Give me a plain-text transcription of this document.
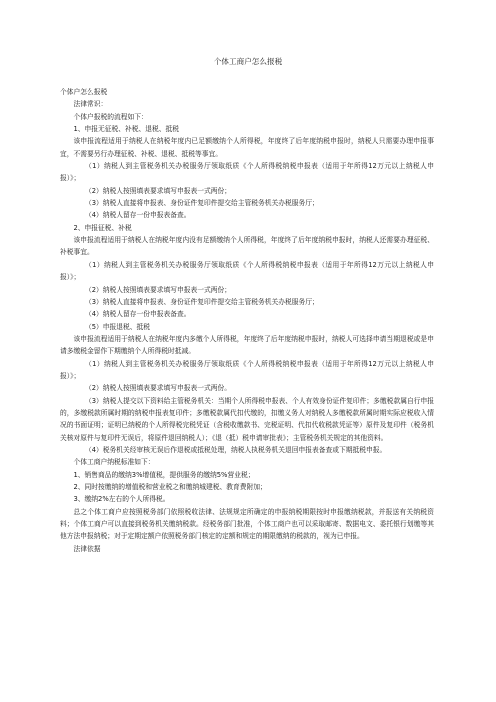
个体工商户怎么报税

个体户怎么报税

法律常识：

个体户报税的流程如下：

1、申报无征税、补税、退税、抵税

该申报流程适用于纳税人在纳税年度内已足额缴纳个人所得税，年度终了后年度纳税申报时，纳税人只需要办理申报事宜，不需要另行办理征税、补税、退税、抵税等事宜。

（1）纳税人到主管税务机关办税服务厅领取纸质《个人所得税纳税申报表（适用于年所得12万元以上纳税人申报）》；

（2）纳税人按照填表要求填写申报表一式两份；

（3）纳税人直接将申报表、身份证件复印件提交给主管税务机关办税服务厅；

（4）纳税人留存一份申报表备查。

2、申报征税、补税

该申报流程适用于纳税人在纳税年度内没有足额缴纳个人所得税，年度终了后年度纳税申报时，纳税人还需要办理征税、补税事宜。

（1）纳税人到主管税务机关办税服务厅领取纸质《个人所得税纳税申报表（适用于年所得12万元以上纳税人申报）》；

（2）纳税人按照填表要求填写申报表一式两份；

（3）纳税人直接将申报表、身份证件复印件提交给主管税务机关办税服务厅；

（4）纳税人留存一份申报表备查。

（5）申报退税、抵税

该申报流程适用于纳税人在纳税年度内多缴个人所得税，年度终了后年度纳税申报时，纳税人可选择申请当期退税或是申请多缴税金留作下期缴纳个人所得税时抵减。

（1）纳税人到主管税务机关办税服务厅领取纸质《个人所得税纳税申报表（适用于年所得12万元以上纳税人申报）》；

（2）纳税人按照填表要求填写申报表一式两份。

（3）纳税人提交以下资料给主管税务机关：当期个人所得税申报表、个人有效身份证件复印件；多缴税款属自行申报的，多缴税款所属时期的纳税申报表复印件；多缴税款属代扣代缴的，扣缴义务人对纳税人多缴税款所属时期实际应税收入情况的书面证明；证明已纳税的个人所得税完税凭证（含税收缴款书、完税证明、代扣代收税款凭证等）原件及复印件（税务机关核对原件与复印件无误后，将原件退回纳税人）；《退（抵）税申请审批表》；主管税务机关规定的其他资料。

（4）税务机关经审核无误后作退税或抵税处理，纳税人执税务机关退回申报表备查或下期抵税申报。

个体工商户纳税标准如下：

1、销售商品的缴纳3%增值税，提供服务的缴纳5%营业税；

2、同时按缴纳的增值税和营业税之和缴纳城建税、教育费附加；

3、缴纳2%左右的个人所得税。

总之个体工商户应按照税务部门依照税收法律、法规规定所确定的申报纳税期限按时申报缴纳税款，并报送有关纳税资料；个体工商户可以直接到税务机关缴纳税款。经税务部门批准，个体工商户也可以采取邮寄、数据电文、委托银行划缴等其他方法申报纳税；对于定期定额户依照税务部门核定的定额和规定的期限缴纳的税款的，视为已申报。

法律依据
